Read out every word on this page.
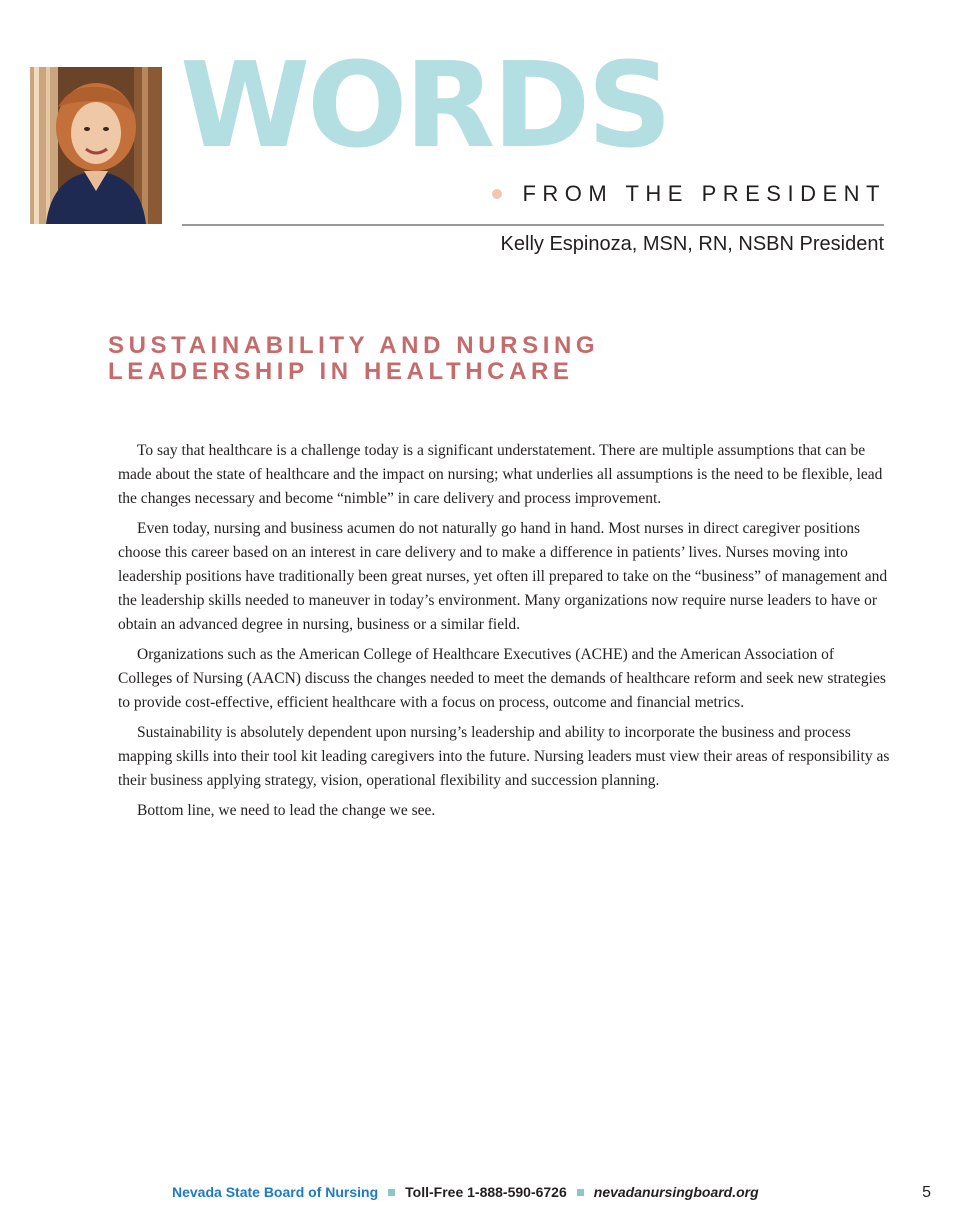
WORDS
FROM THE PRESIDENT
Kelly Espinoza, MSN, RN, NSBN President
SUSTAINABILITY AND NURSING
LEADERSHIP IN HEALTHCARE

To say that healthcare is a challenge today is a significant understatement. There are multiple assumptions that can be made about the state of healthcare and the impact on nursing; what underlies all assumptions is the need to be flexible, lead the changes necessary and become “nimble” in care delivery and process improvement.

Even today, nursing and business acumen do not naturally go hand in hand. Most nurses in direct caregiver positions choose this career based on an interest in care delivery and to make a difference in patients’ lives. Nurses moving into leadership positions have traditionally been great nurses, yet often ill prepared to take on the “business” of management and the leadership skills needed to maneuver in today’s environment. Many organizations now require nurse leaders to have or obtain an advanced degree in nursing, business or a similar field.

Organizations such as the American College of Healthcare Executives (ACHE) and the American Association of Colleges of Nursing (AACN) discuss the changes needed to meet the demands of healthcare reform and seek new strategies to provide cost-effective, efficient healthcare with a focus on process, outcome and financial metrics.

Sustainability is absolutely dependent upon nursing’s leadership and ability to incorporate the business and process mapping skills into their tool kit leading caregivers into the future. Nursing leaders must view their areas of responsibility as their business applying strategy, vision, operational flexibility and succession planning.

Bottom line, we need to lead the change we see.

Nevada State Board of Nursing Toll-Free 1-888-590-6726 nevadanursingboard.org	5
